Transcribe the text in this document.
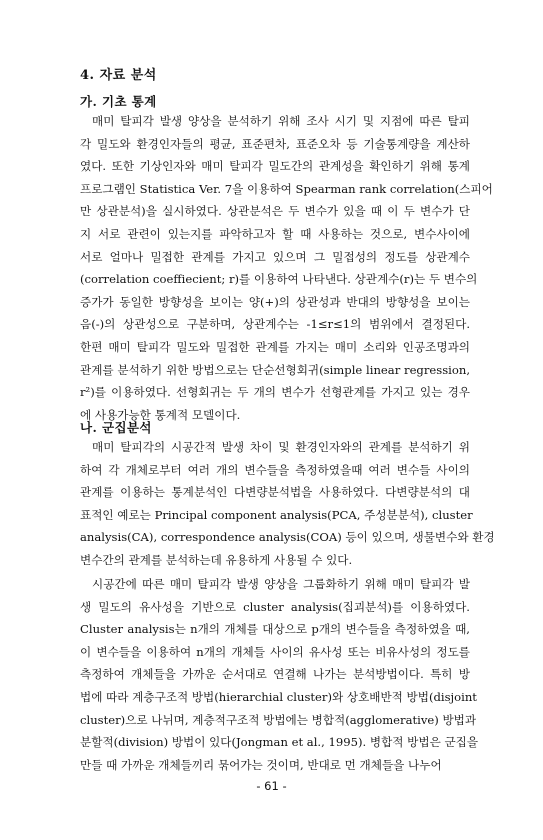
4. 자료 분석
가. 기초 통계
매미 탈피각 발생 양상을 분석하기 위해 조사 시기 및 지점에 따른 탈피
각 밀도와 환경인자들의 평균, 표준편차, 표준오차 등 기술통계량을 계산하
였다. 또한 기상인자와 매미 탈피각 밀도간의 관계성을 확인하기 위해 통계
프로그램인 Statistica Ver. 7을 이용하여 Spearman rank correlation(스피어
만 상관분석)을 실시하였다. 상관분석은 두 변수가 있을 때 이 두 변수가 단
지 서로 관련이 있는지를 파악하고자 할 때 사용하는 것으로, 변수사이에
서로 얼마나 밀접한 관계를 가지고 있으며 그 밀접성의 정도를 상관계수
(correlation coeffiecient; r)를 이용하여 나타낸다. 상관계수(r)는 두 변수의
증가가 동일한 방향성을 보이는 양(+)의 상관성과 반대의 방향성을 보이는
음(-)의 상관성으로 구분하며, 상관계수는 -1≤r≤1의 범위에서 결정된다.
한편 매미 탈피각 밀도와 밀접한 관계를 가지는 매미 소리와 인공조명과의
관계를 분석하기 위한 방법으로는 단순선형회귀(simple linear regression,
r²)를 이용하였다. 선형회귀는 두 개의 변수가 선형관계를 가지고 있는 경우
에 사용가능한 통계적 모델이다.
나. 군집분석
매미 탈피각의 시공간적 발생 차이 및 환경인자와의 관계를 분석하기 위
하여 각 개체로부터 여러 개의 변수들을 측정하였을때 여러 변수들 사이의
관계를 이용하는 통계분석인 다변량분석법을 사용하였다. 다변량분석의 대
표적인 예로는 Principal component analysis(PCA, 주성분분석), cluster
analysis(CA), correspondence analysis(COA) 등이 있으며, 생물변수와 환경
변수간의 관계를 분석하는데 유용하게 사용될 수 있다.
시공간에 따른 매미 탈피각 발생 양상을 그룹화하기 위해 매미 탈피각 발
생 밀도의 유사성을 기반으로 cluster analysis(집괴분석)를 이용하였다.
Cluster analysis는 n개의 개체를 대상으로 p개의 변수들을 측정하였을 때,
이 변수들을 이용하여 n개의 개체들 사이의 유사성 또는 비유사성의 정도를
측정하여 개체들을 가까운 순서대로 연결해 나가는 분석방법이다. 특히 방
법에 따라 계층구조적 방법(hierarchial cluster)와 상호배반적 방법(disjoint
cluster)으로 나뉘며, 계층적구조적 방법에는 병합적(agglomerative) 방법과
분할적(division) 방법이 있다(Jongman et al., 1995). 병합적 방법은 군집을
만들 때 가까운 개체들끼리 묶어가는 것이며, 반대로 먼 개체들을 나누어
- 61 -
